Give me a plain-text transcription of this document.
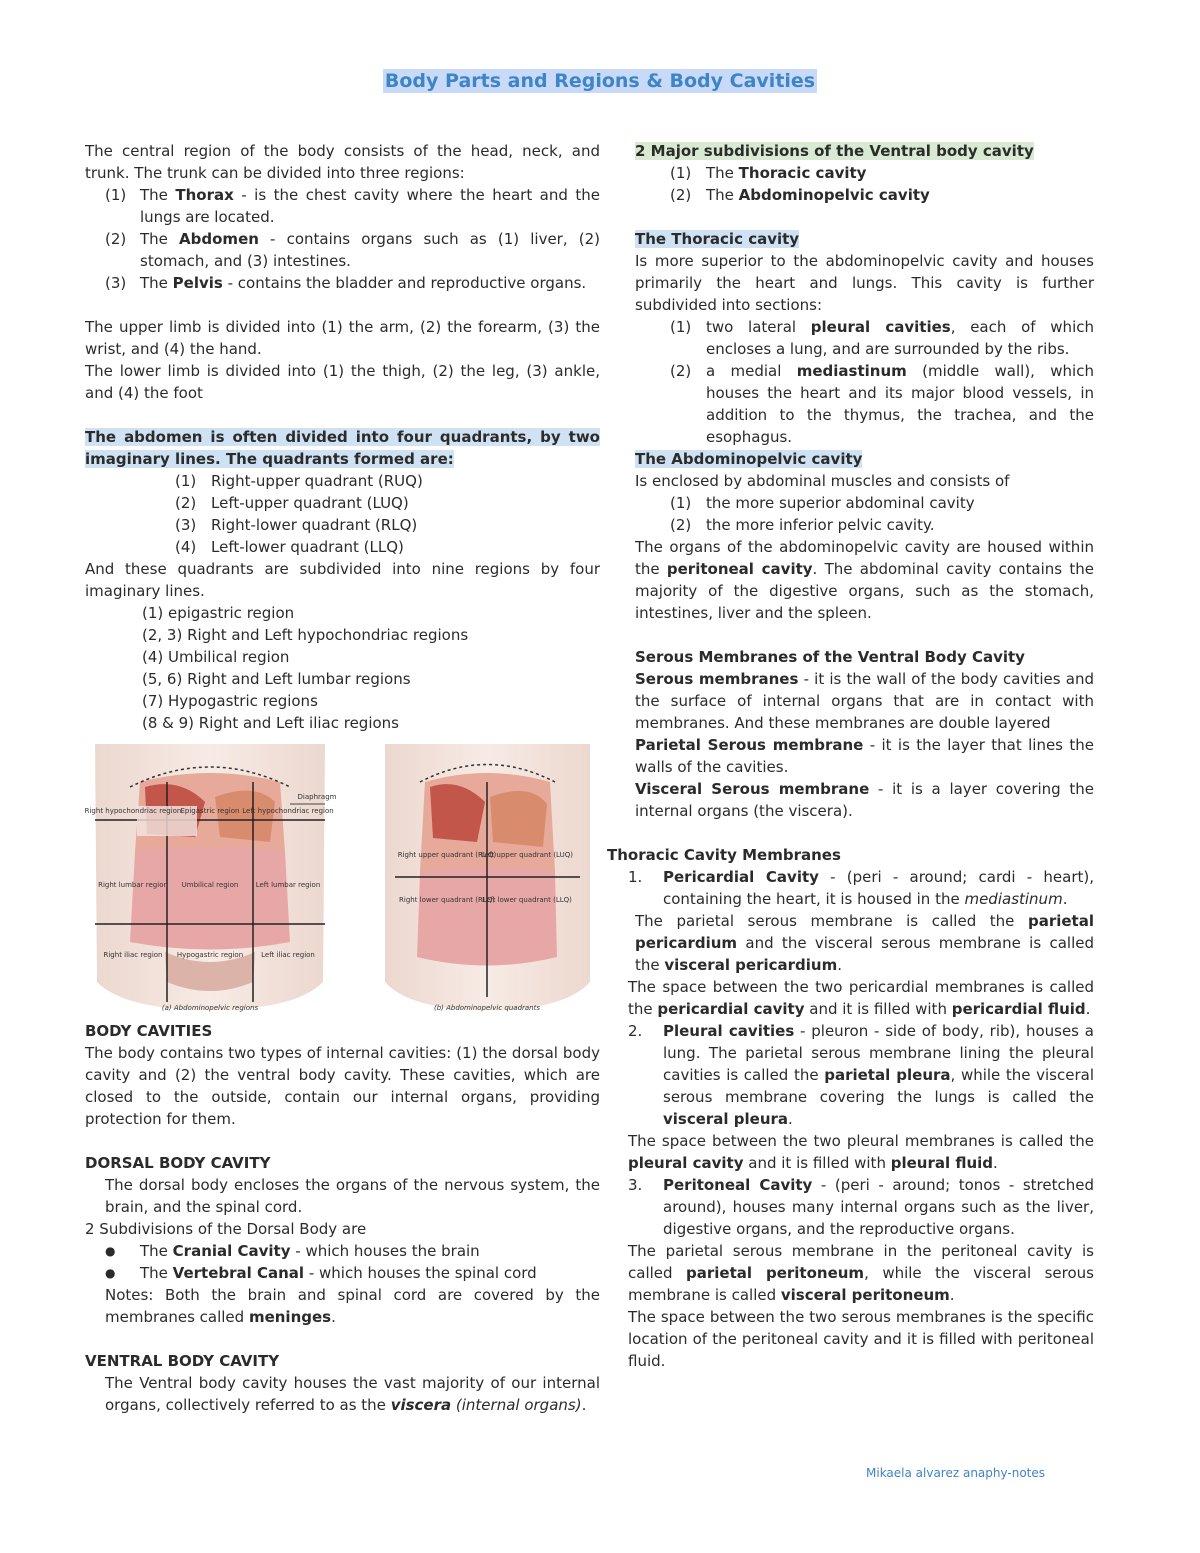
Body Parts and Regions & Body Cavities

The central region of the body consists of the head, neck, and trunk. The trunk can be divided into three regions:

(1) The Thorax - is the chest cavity where the heart and the lungs are located.
(2) The Abdomen - contains organs such as (1) liver, (2) stomach, and (3) intestines.
(3) The Pelvis - contains the bladder and reproductive organs.

The upper limb is divided into (1) the arm, (2) the forearm, (3) the wrist, and (4) the hand.

The lower limb is divided into (1) the thigh, (2) the leg, (3) ankle, and (4) the foot

The abdomen is often divided into four quadrants, by two imaginary lines. The quadrants formed are:

(1) Right-upper quadrant (RUQ)
(2) Left-upper quadrant (LUQ)
(3) Right-lower quadrant (RLQ)
(4) Left-lower quadrant (LLQ)

And these quadrants are subdivided into nine regions by four imaginary lines.

(1) epigastric region
(2, 3) Right and Left hypochondriac regions
(4) Umbilical region
(5, 6) Right and Left lumbar regions
(7) Hypogastric regions
(8 & 9) Right and Left iliac regions
Right hypochondriac region Epigastric region Left hypochondriac region
Diaphragm
Right lumbar region Umbilical region Left lumbar region
Right iliac region Hypogastric region	Left iliac region
(a) Abdominopelvic regions
Right upper quadrant (RUQ)
Left upper quadrant (LUQ)
Right lower quadrant (RLQ)
Left lower quadrant (LLQ)
(b) Abdominopelvic quadrants

BODY CAVITIES

The body contains two types of internal cavities: (1) the dorsal body cavity and (2) the ventral body cavity. These cavities, which are closed to the outside, contain our internal organs, providing protection for them.

DORSAL BODY CAVITY

The dorsal body encloses the organs of the nervous system, the brain, and the spinal cord.

2 Subdivisions of the Dorsal Body are

●	The Cranial Cavity - which houses the brain
●	The Vertebral Canal - which houses the spinal cord

Notes: Both the brain and spinal cord are covered by the membranes called meninges.

VENTRAL BODY CAVITY

The Ventral body cavity houses the vast majority of our internal organs, collectively referred to as the viscera (internal organs).

2 Major subdivisions of the Ventral body cavity

(1) The Thoracic cavity
(2) The Abdominopelvic cavity

The Thoracic cavity

Is more superior to the abdominopelvic cavity and houses primarily the heart and lungs. This cavity is further subdivided into sections:

(1) two lateral pleural cavities, each of which encloses a lung, and are surrounded by the ribs.
(2) a medial mediastinum (middle wall), which houses the heart and its major blood vessels, in addition to the thymus, the trachea, and the esophagus.

The Abdominopelvic cavity

Is enclosed by abdominal muscles and consists of

(1) the more superior abdominal cavity
(2) the more inferior pelvic cavity.

The organs of the abdominopelvic cavity are housed within the peritoneal cavity. The abdominal cavity contains the majority of the digestive organs, such as the stomach, intestines, liver and the spleen.

Serous Membranes of the Ventral Body Cavity

Serous membranes - it is the wall of the body cavities and the surface of internal organs that are in contact with membranes. And these membranes are double layered

Parietal Serous membrane - it is the layer that lines the walls of the cavities.

Visceral Serous membrane - it is a layer covering the internal organs (the viscera).

Thoracic Cavity Membranes

1.	Pericardial Cavity - (peri - around; cardi - heart), containing the heart, it is housed in the mediastinum.

The parietal serous membrane is called the parietal pericardium and the visceral serous membrane is called the visceral pericardium.

The space between the two pericardial membranes is called the pericardial cavity and it is filled with pericardial fluid.

2.	Pleural cavities - pleuron - side of body, rib), houses a lung. The parietal serous membrane lining the pleural cavities is called the parietal pleura, while the visceral serous membrane covering the lungs is called the visceral pleura.

The space between the two pleural membranes is called the pleural cavity and it is filled with pleural fluid.

3.	Peritoneal Cavity - (peri - around; tonos - stretched around), houses many internal organs such as the liver, digestive organs, and the reproductive organs.

The parietal serous membrane in the peritoneal cavity is called parietal peritoneum, while the visceral serous membrane is called visceral peritoneum.

The space between the two serous membranes is the specific location of the peritoneal cavity and it is filled with peritoneal fluid.

Mikaela alvarez anaphy-notes
